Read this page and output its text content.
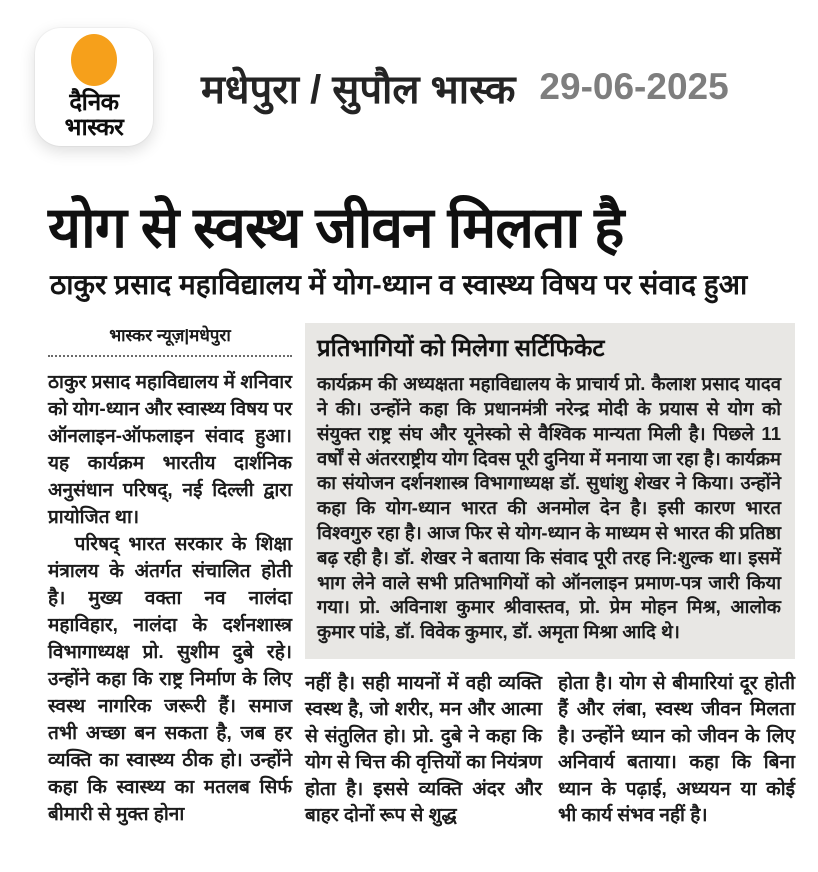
दैनिक
भास्कर
मधेपुरा / सुपौल भास्क 29-06-2025
योग से स्वस्थ जीवन मिलता है
ठाकुर प्रसाद महाविद्यालय में योग-ध्यान व स्वास्थ्य विषय पर संवाद हुआ
भास्कर न्यूज़|मधेपुरा

ठाकुर प्रसाद महाविद्यालय में शनिवार को योग-ध्यान और स्वास्थ्य विषय पर ऑनलाइन-ऑफलाइन संवाद हुआ। यह कार्यक्रम भारतीय दार्शनिक अनुसंधान परिषद्, नई दिल्ली द्वारा प्रायोजित था।

परिषद् भारत सरकार के शिक्षा मंत्रालय के अंतर्गत संचालित होती है। मुख्य वक्ता नव नालंदा महाविहार, नालंदा के दर्शनशास्त्र विभागाध्यक्ष प्रो. सुशीम दुबे रहे। उन्होंने कहा कि राष्ट्र निर्माण के लिए स्वस्थ नागरिक जरूरी हैं। समाज तभी अच्छा बन सकता है, जब हर व्यक्ति का स्वास्थ्य ठीक हो। उन्होंने कहा कि स्वास्थ्य का मतलब सिर्फ बीमारी से मुक्त होना

प्रतिभागियों को मिलेगा सर्टिफिकेट

कार्यक्रम की अध्यक्षता महाविद्यालय के प्राचार्य प्रो. कैलाश प्रसाद यादव ने की। उन्होंने कहा कि प्रधानमंत्री नरेन्द्र मोदी के प्रयास से योग को संयुक्त राष्ट्र संघ और यूनेस्को से वैश्विक मान्यता मिली है। पिछले 11 वर्षों से अंतरराष्ट्रीय योग दिवस पूरी दुनिया में मनाया जा रहा है। कार्यक्रम का संयोजन दर्शनशास्त्र विभागाध्यक्ष डॉ. सुधांशु शेखर ने किया। उन्होंने कहा कि योग-ध्यान भारत की अनमोल देन है। इसी कारण भारत विश्वगुरु रहा है। आज फिर से योग-ध्यान के माध्यम से भारत की प्रतिष्ठा बढ़ रही है। डॉ. शेखर ने बताया कि संवाद पूरी तरह नि:शुल्क था। इसमें भाग लेने वाले सभी प्रतिभागियों को ऑनलाइन प्रमाण-पत्र जारी किया गया। प्रो. अविनाश कुमार श्रीवास्तव, प्रो. प्रेम मोहन मिश्र, आलोक कुमार पांडे, डॉ. विवेक कुमार, डॉ. अमृता मिश्रा आदि थे।

नहीं है। सही मायनों में वही व्यक्ति स्वस्थ है, जो शरीर, मन और आत्मा से संतुलित हो। प्रो. दुबे ने कहा कि योग से चित्त की वृत्तियों का नियंत्रण होता है। इससे व्यक्ति अंदर और बाहर दोनों रूप से शुद्ध

होता है। योग से बीमारियां दूर होती हैं और लंबा, स्वस्थ जीवन मिलता है। उन्होंने ध्यान को जीवन के लिए अनिवार्य बताया। कहा कि बिना ध्यान के पढ़ाई, अध्ययन या कोई भी कार्य संभव नहीं है।
